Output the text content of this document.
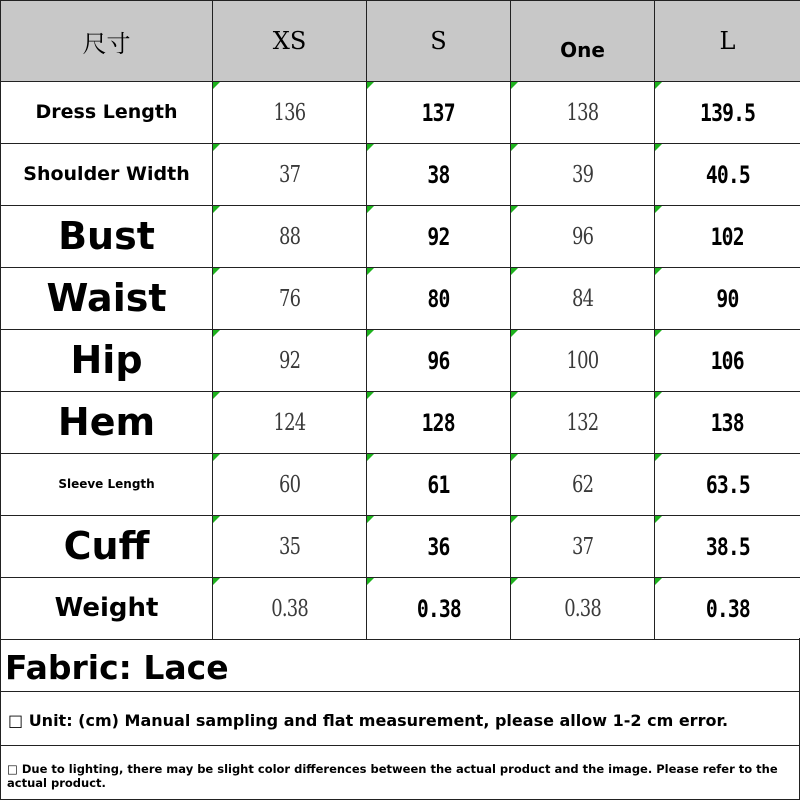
尺寸	XS	S	One	L
Dress Length	136	137	138	139.5
Shoulder Width	37	38	39	40.5
Bust	88	92	96	102
Waist	76	80	84	90
Hip	92	96	100	106
Hem	124	128	132	138
Sleeve Length	60	61	62	63.5
Cuff	35	36	37	38.5
Weight	0.38	0.38	0.38	0.38
Fabric: Lace
□ Unit: (cm) Manual sampling and flat measurement, please allow 1-2 cm error.
□ Due to lighting, there may be slight color differences between the actual product and the image. Please refer to the actual product.
